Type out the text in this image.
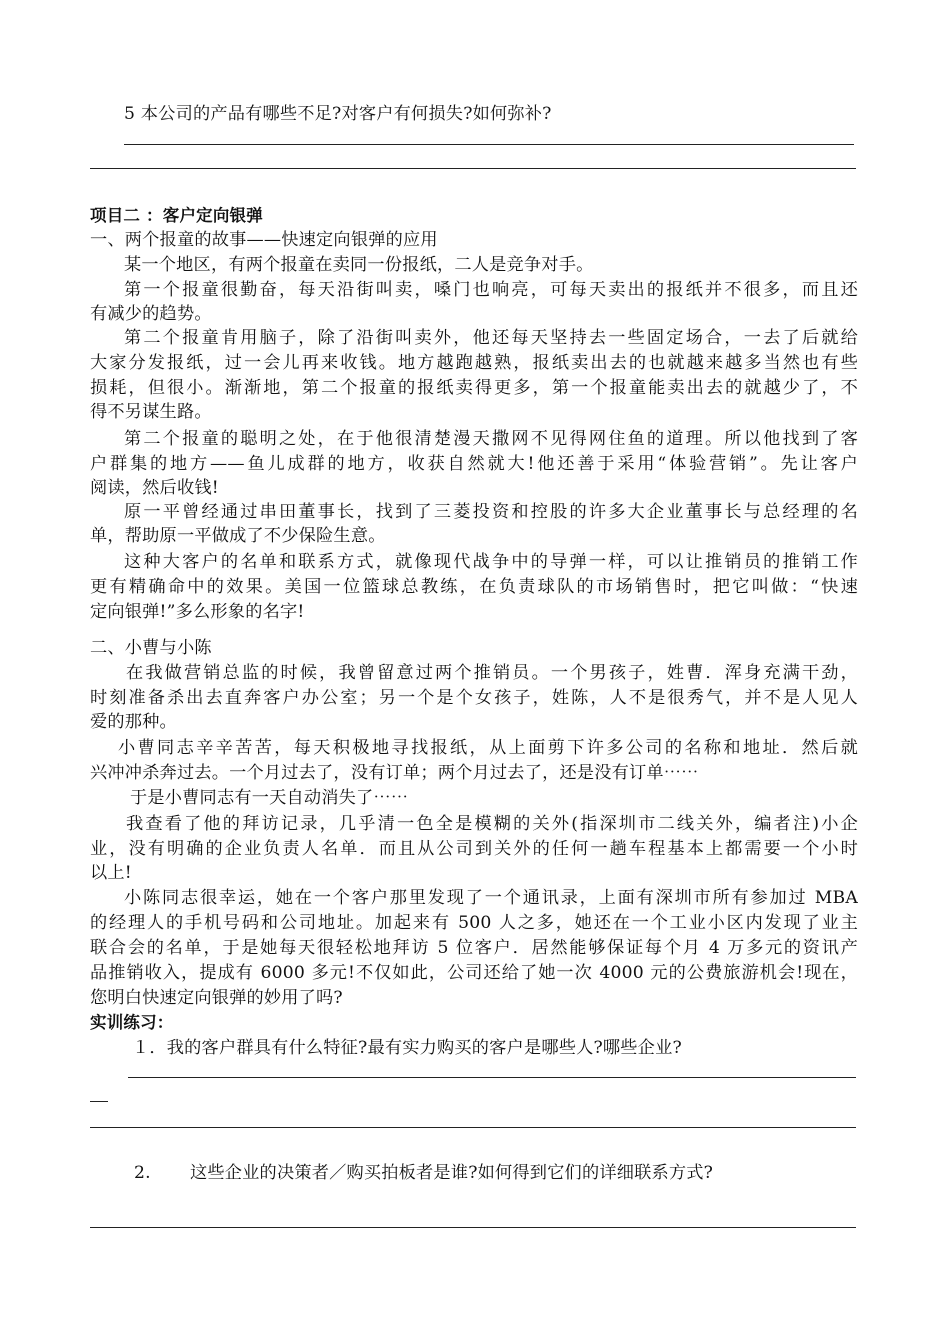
5 本公司的产品有哪些不足?对客户有何损失?如何弥补?
项目二 ：客户定向银弹
一、两个报童的故事——快速定向银弹的应用
某一个地区，有两个报童在卖同一份报纸，二人是竞争对手。
第一个报童很勤奋，每天沿街叫卖，嗓门也响亮，可每天卖出的报纸并不很多，而且还
有减少的趋势。
第二个报童肯用脑子，除了沿街叫卖外，他还每天坚持去一些固定场合，一去了后就给
大家分发报纸，过一会儿再来收钱。地方越跑越熟，报纸卖出去的也就越来越多当然也有些
损耗，但很小。渐渐地，第二个报童的报纸卖得更多，第一个报童能卖出去的就越少了，不
得不另谋生路。
第二个报童的聪明之处，在于他很清楚漫天撒网不见得网住鱼的道理。所以他找到了客
户群集的地方——鱼儿成群的地方，收获自然就大!他还善于采用“体验营销”。先让客户
阅读，然后收钱!
原一平曾经通过串田董事长，找到了三菱投资和控股的许多大企业董事长与总经理的名
单，帮助原一平做成了不少保险生意。
这种大客户的名单和联系方式，就像现代战争中的导弹一样，可以让推销员的推销工作
更有精确命中的效果。美国一位篮球总教练，在负责球队的市场销售时，把它叫做：“快速
定向银弹!”多么形象的名字!
二、小曹与小陈
在我做营销总监的时候，我曾留意过两个推销员。一个男孩子，姓曹．浑身充满干劲，
时刻准备杀出去直奔客户办公室；另一个是个女孩子，姓陈，人不是很秀气，并不是人见人
爱的那种。
小曹同志辛辛苦苦，每天积极地寻找报纸，从上面剪下许多公司的名称和地址．然后就
兴冲冲杀奔过去。一个月过去了，没有订单；两个月过去了，还是没有订单⋯⋯
于是小曹同志有一天自动消失了⋯⋯
我查看了他的拜访记录，几乎清一色全是模糊的关外(指深圳市二线关外，编者注)小企
业，没有明确的企业负责人名单．而且从公司到关外的任何一趟车程基本上都需要一个小时
以上!
小陈同志很幸运，她在一个客户那里发现了一个通讯录，上面有深圳市所有参加过 MBA
的经理人的手机号码和公司地址。加起来有 500 人之多，她还在一个工业小区内发现了业主
联合会的名单，于是她每天很轻松地拜访 5 位客户．居然能够保证每个月 4 万多元的资讯产
品推销收入，提成有 6000 多元!不仅如此，公司还给了她一次 4000 元的公费旅游机会!现在，
您明白快速定向银弹的妙用了吗?
实训练习：
１．我的客户群具有什么特征?最有实力购买的客户是哪些人?哪些企业?
2. 这些企业的决策者／购买拍板者是谁?如何得到它们的详细联系方式?
